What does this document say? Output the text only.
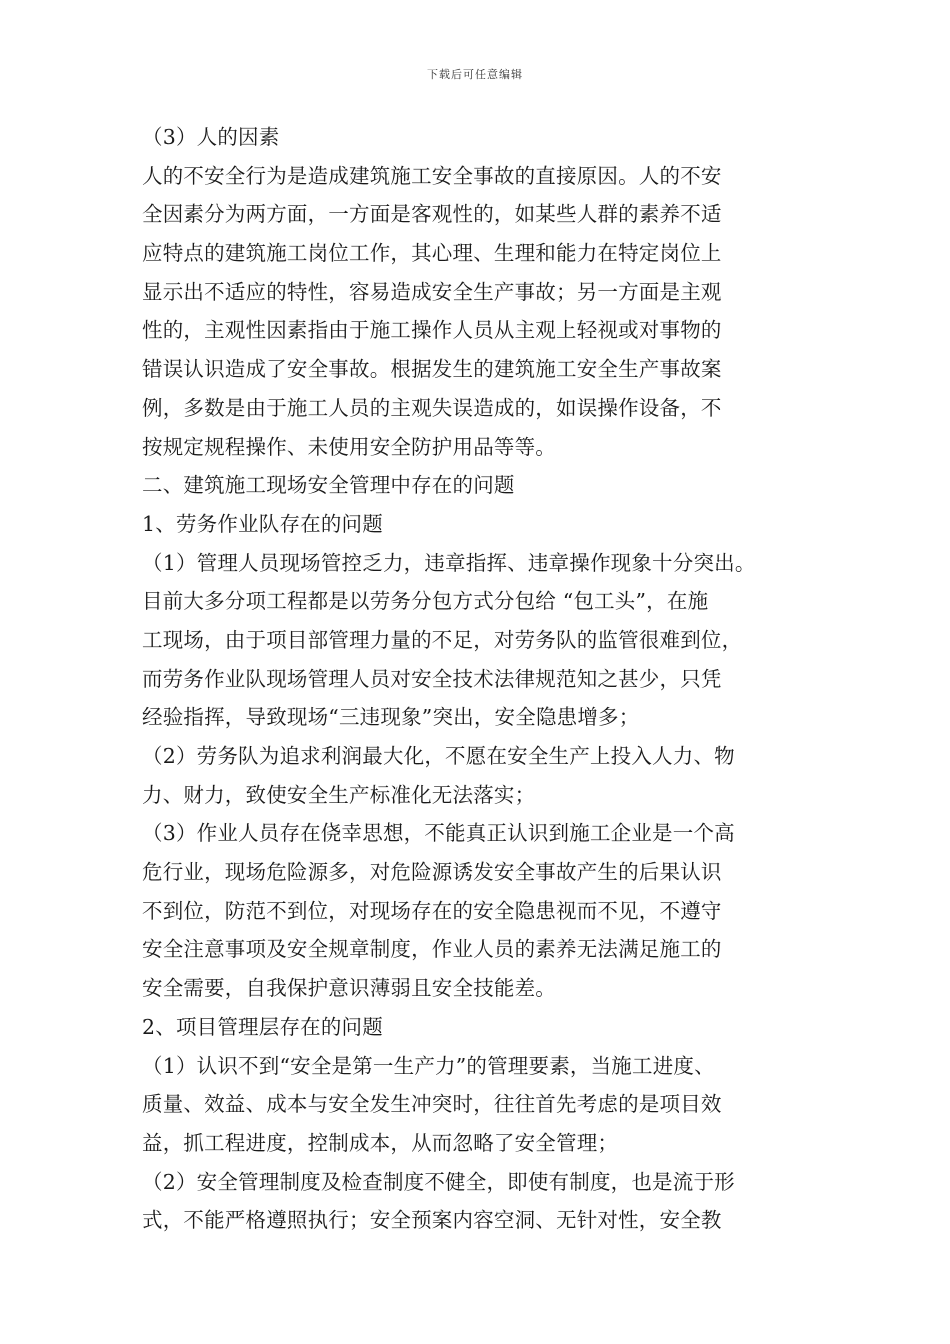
下载后可任意编辑
（3）人的因素
人的不安全行为是造成建筑施工安全事故的直接原因。人的不安
全因素分为两方面，一方面是客观性的，如某些人群的素养不适
应特点的建筑施工岗位工作，其心理、生理和能力在特定岗位上
显示出不适应的特性，容易造成安全生产事故；另一方面是主观
性的，主观性因素指由于施工操作人员从主观上轻视或对事物的
错误认识造成了安全事故。根据发生的建筑施工安全生产事故案
例，多数是由于施工人员的主观失误造成的，如误操作设备，不
按规定规程操作、未使用安全防护用品等等。
二、建筑施工现场安全管理中存在的问题
1、劳务作业队存在的问题
（1）管理人员现场管控乏力，违章指挥、违章操作现象十分突出。
目前大多分项工程都是以劳务分包方式分包给 “包工头”，在施
工现场，由于项目部管理力量的不足，对劳务队的监管很难到位，
而劳务作业队现场管理人员对安全技术法律规范知之甚少，只凭
经验指挥，导致现场“三违现象”突出，安全隐患增多；
（2）劳务队为追求利润最大化，不愿在安全生产上投入人力、物
力、财力，致使安全生产标准化无法落实；
（3）作业人员存在侥幸思想，不能真正认识到施工企业是一个高
危行业，现场危险源多，对危险源诱发安全事故产生的后果认识
不到位，防范不到位，对现场存在的安全隐患视而不见，不遵守
安全注意事项及安全规章制度，作业人员的素养无法满足施工的
安全需要，自我保护意识薄弱且安全技能差。
2、项目管理层存在的问题
（1）认识不到“安全是第一生产力”的管理要素，当施工进度、
质量、效益、成本与安全发生冲突时，往往首先考虑的是项目效
益，抓工程进度，控制成本，从而忽略了安全管理；
（2）安全管理制度及检查制度不健全，即使有制度，也是流于形
式，不能严格遵照执行；安全预案内容空洞、无针对性，安全教
